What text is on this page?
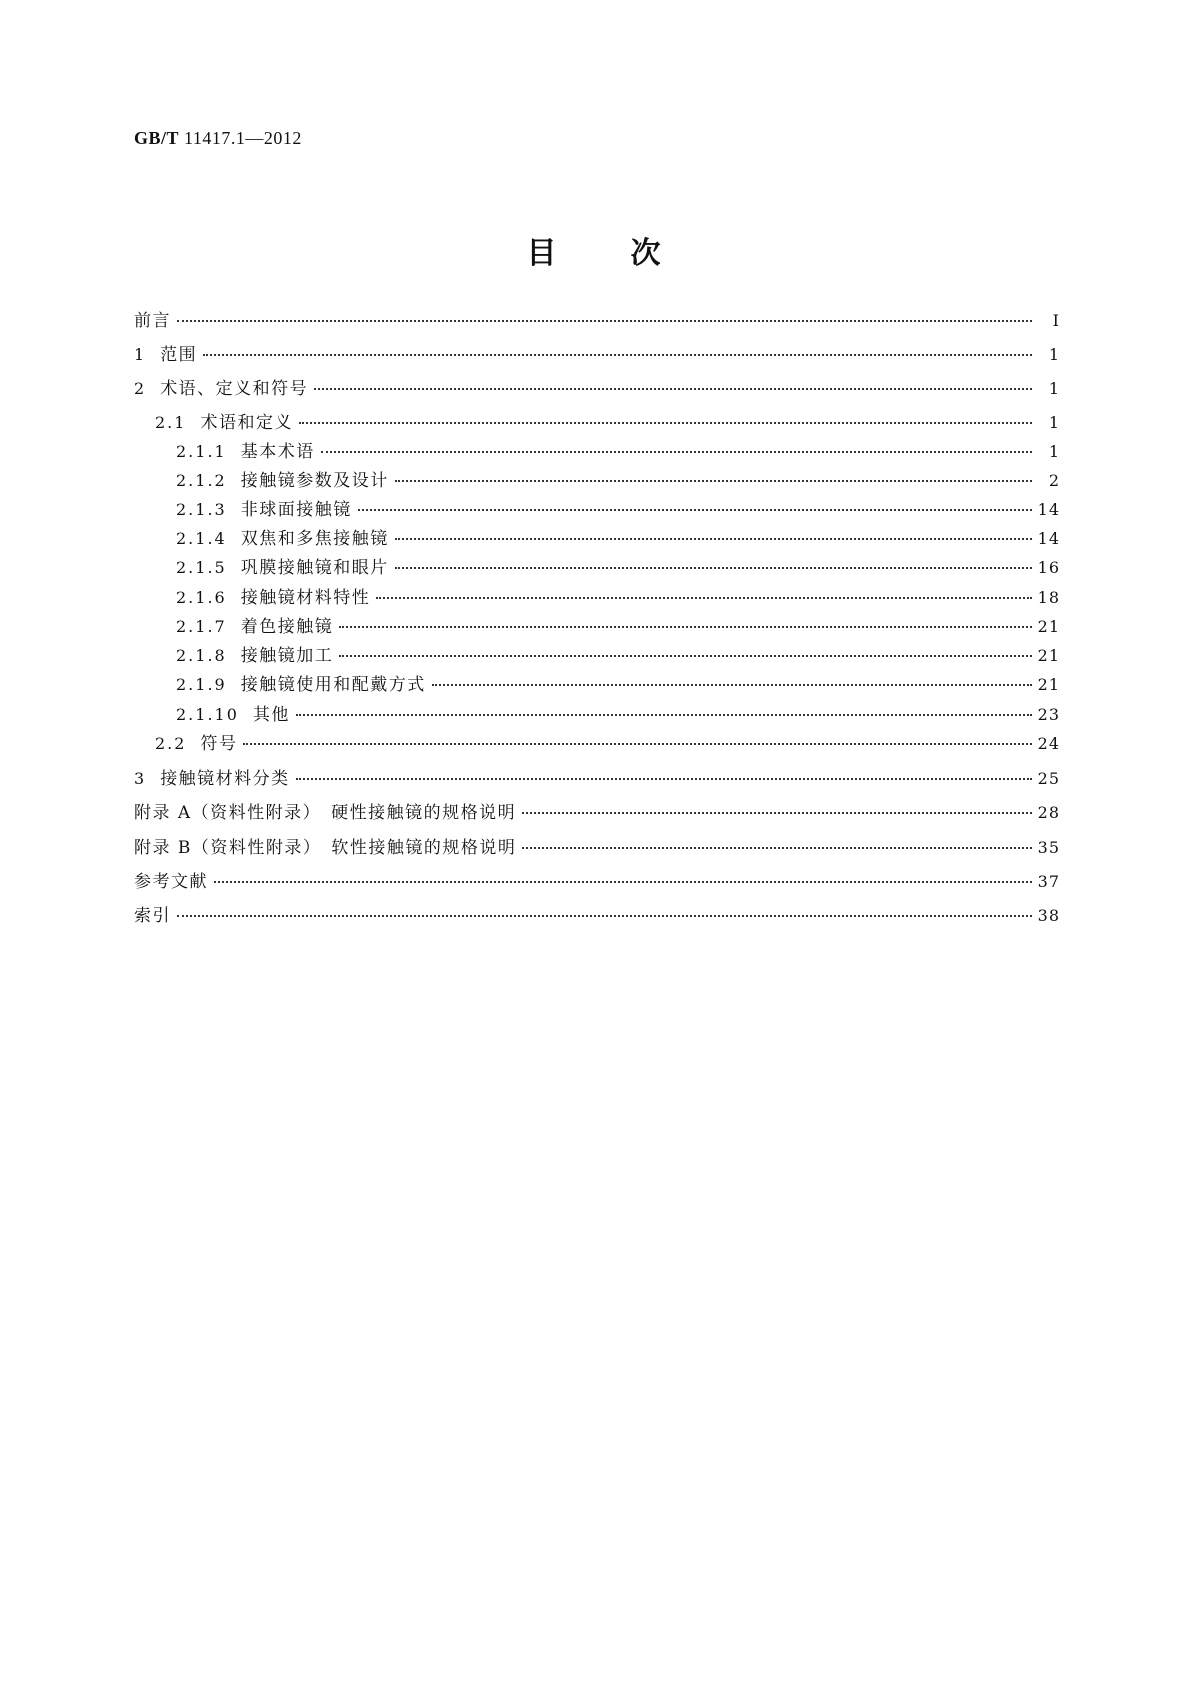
GB/T 11417.1—2012
目 次
前言	Ⅰ
1 范围	1
2 术语、定义和符号	1
2.1 术语和定义	1
2.1.1 基本术语	1
2.1.2 接触镜参数及设计	2
2.1.3 非球面接触镜	14
2.1.4 双焦和多焦接触镜	14
2.1.5 巩膜接触镜和眼片	16
2.1.6 接触镜材料特性	18
2.1.7 着色接触镜	21
2.1.8 接触镜加工	21
2.1.9 接触镜使用和配戴方式	21
2.1.10 其他	23
2.2 符号	24
3 接触镜材料分类	25
附录 A（资料性附录）　硬性接触镜的规格说明	28
附录 B（资料性附录）　软性接触镜的规格说明	35
参考文献	37
索引	38
